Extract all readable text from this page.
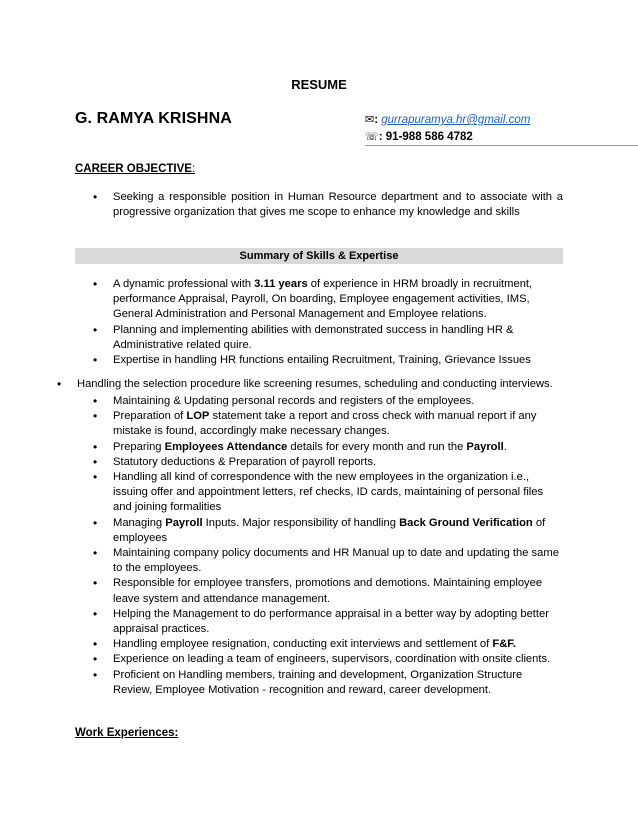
RESUME
G. RAMYA KRISHNA	✉: gurrapuramya.hr@gmail.com
☏: 91-988 586 4782
CAREER OBJECTIVE:
• Seeking a responsible position in Human Resource department and to associate with a progressive organization that gives me scope to enhance my knowledge and skills
Summary of Skills & Expertise
• A dynamic professional with 3.11 years of experience in HRM broadly in recruitment, performance Appraisal, Payroll, On boarding, Employee engagement activities, IMS, General Administration and Personal Management and Employee relations.
• Planning and implementing abilities with demonstrated success in handling HR & Administrative related quire.
• Expertise in handling HR functions entailing Recruitment, Training, Grievance Issues
• Handling the selection procedure like screening resumes, scheduling and conducting interviews.
• Maintaining & Updating personal records and registers of the employees.
• Preparation of LOP statement take a report and cross check with manual report if any mistake is found, accordingly make necessary changes.
• Preparing Employees Attendance details for every month and run the Payroll.
• Statutory deductions & Preparation of payroll reports.
• Handling all kind of correspondence with the new employees in the organization i.e., issuing offer and appointment letters, ref checks, ID cards, maintaining of personal files and joining formalities
• Managing Payroll Inputs. Major responsibility of handling Back Ground Verification of employees
• Maintaining company policy documents and HR Manual up to date and updating the same to the employees.
• Responsible for employee transfers, promotions and demotions. Maintaining employee leave system and attendance management.
• Helping the Management to do performance appraisal in a better way by adopting better appraisal practices.
• Handling employee resignation, conducting exit interviews and settlement of F&F.
• Experience on leading a team of engineers, supervisors, coordination with onsite clients.
• Proficient on Handling members, training and development, Organization Structure Review, Employee Motivation - recognition and reward, career development.
Work Experiences:
